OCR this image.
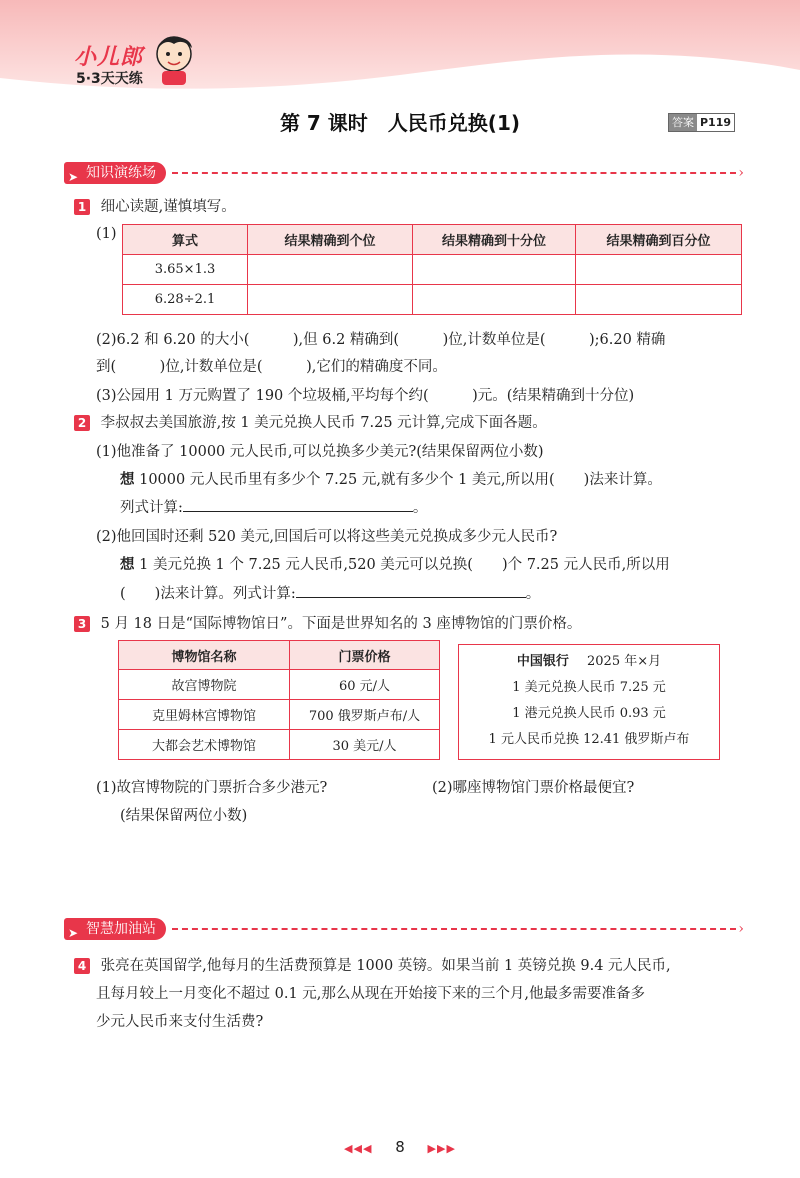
小儿郎
5·3天天练
第 7 课时　人民币兑换(1)	答案 P119
➤ 知识演练场	›
1 细心读题,谨慎填写。
(1)	算式	结果精确到个位	结果精确到十分位	结果精确到百分位
3.65×1.3			
6.28÷2.1			
(2)6.2 和 6.20 的大小(　　　),但 6.2 精确到(　　　)位,计数单位是(　　　);6.20 精确
到(　　　)位,计数单位是(　　　),它们的精确度不同。
(3)公园用 1 万元购置了 190 个垃圾桶,平均每个约(　　　)元。(结果精确到十分位)
2 李叔叔去美国旅游,按 1 美元兑换人民币 7.25 元计算,完成下面各题。
(1)他准备了 10000 元人民币,可以兑换多少美元?(结果保留两位小数)
想 10000 元人民币里有多少个 7.25 元,就有多少个 1 美元,所以用(　　)法来计算。
列式计算:	。
(2)他回国时还剩 520 美元,回国后可以将这些美元兑换成多少元人民币?
想 1 美元兑换 1 个 7.25 元人民币,520 美元可以兑换(　　)个 7.25 元人民币,所以用
(　　)法来计算。列式计算:	。
3 5 月 18 日是“国际博物馆日”。下面是世界知名的 3 座博物馆的门票价格。
博物馆名称	门票价格
故宫博物院	60 元/人
克里姆林宫博物馆	700 俄罗斯卢布/人
大都会艺术博物馆	30 美元/人
中国银行 2025 年×月
1 美元兑换人民币 7.25 元
1 港元兑换人民币 0.93 元
1 元人民币兑换 12.41 俄罗斯卢布
(1)故宫博物院的门票折合多少港元?
(结果保留两位小数)
(2)哪座博物馆门票价格最便宜?
➤ 智慧加油站	›
4 张亮在英国留学,他每月的生活费预算是 1000 英镑。如果当前 1 英镑兑换 9.4 元人民币,
且每月较上一月变化不超过 0.1 元,那么从现在开始接下来的三个月,他最多需要准备多
少元人民币来支付生活费?
◀◀◀ 8 ▶▶▶
